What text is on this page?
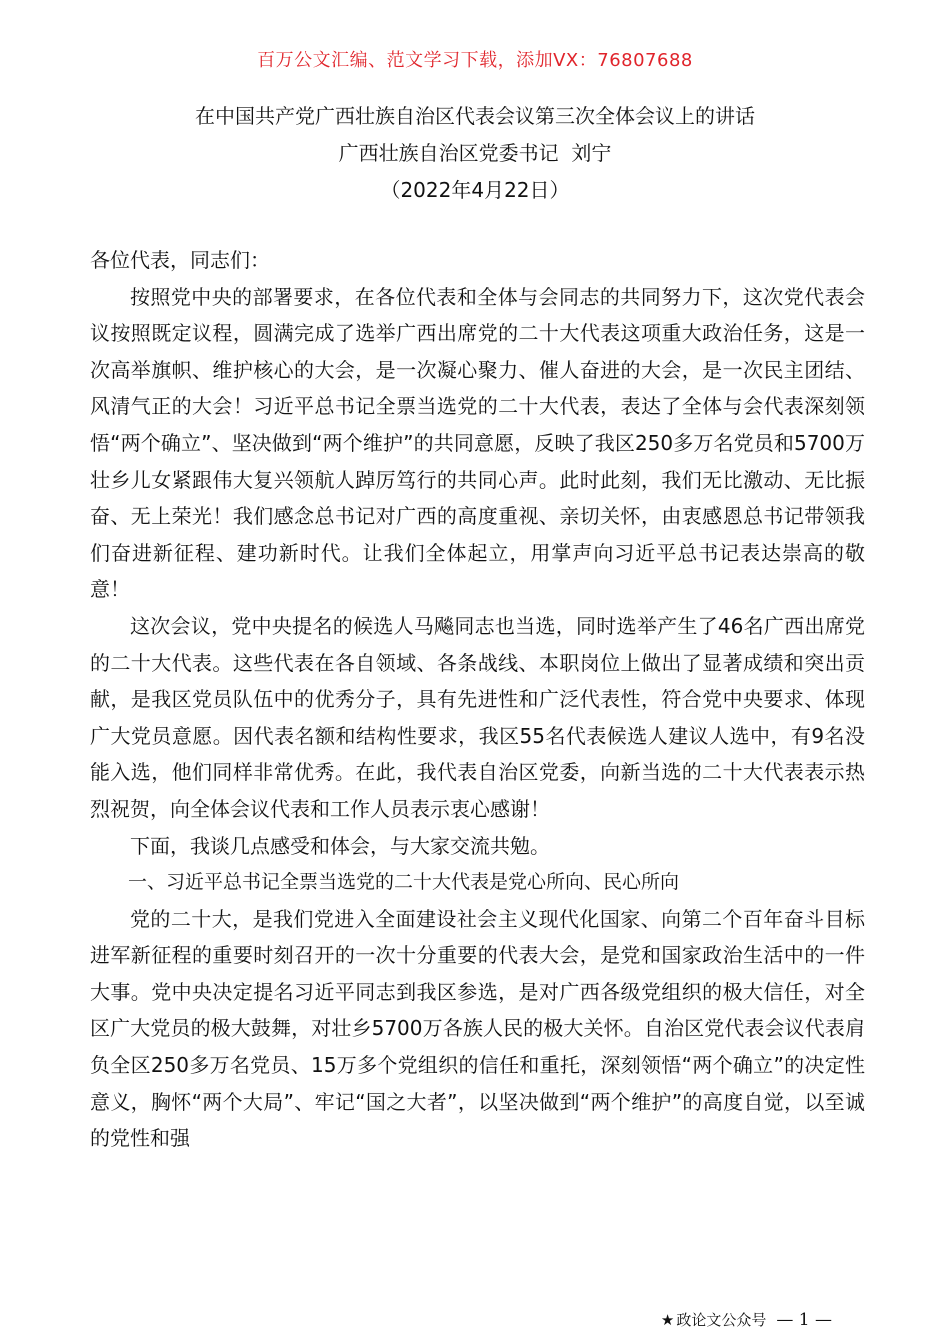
百万公文汇编、范文学习下载，添加VX：76807688
在中国共产党广西壮族自治区代表会议第三次全体会议上的讲话
广西壮族自治区党委书记  刘宁
（2022年4月22日）

各位代表，同志们：

按照党中央的部署要求，在各位代表和全体与会同志的共同努力下，这次党代表会议按照既定议程，圆满完成了选举广西出席党的二十大代表这项重大政治任务，这是一次高举旗帜、维护核心的大会，是一次凝心聚力、催人奋进的大会，是一次民主团结、风清气正的大会！习近平总书记全票当选党的二十大代表，表达了全体与会代表深刻领悟“两个确立”、坚决做到“两个维护”的共同意愿，反映了我区250多万名党员和5700万壮乡儿女紧跟伟大复兴领航人踔厉笃行的共同心声。此时此刻，我们无比激动、无比振奋、无上荣光！我们感念总书记对广西的高度重视、亲切关怀，由衷感恩总书记带领我们奋进新征程、建功新时代。让我们全体起立，用掌声向习近平总书记表达崇高的敬意！

这次会议，党中央提名的候选人马飚同志也当选，同时选举产生了46名广西出席党的二十大代表。这些代表在各自领域、各条战线、本职岗位上做出了显著成绩和突出贡献，是我区党员队伍中的优秀分子，具有先进性和广泛代表性，符合党中央要求、体现广大党员意愿。因代表名额和结构性要求，我区55名代表候选人建议人选中，有9名没能入选，他们同样非常优秀。在此，我代表自治区党委，向新当选的二十大代表表示热烈祝贺，向全体会议代表和工作人员表示衷心感谢！

下面，我谈几点感受和体会，与大家交流共勉。

一、习近平总书记全票当选党的二十大代表是党心所向、民心所向

党的二十大，是我们党进入全面建设社会主义现代化国家、向第二个百年奋斗目标进军新征程的重要时刻召开的一次十分重要的代表大会，是党和国家政治生活中的一件大事。党中央决定提名习近平同志到我区参选，是对广西各级党组织的极大信任，对全区广大党员的极大鼓舞，对壮乡5700万各族人民的极大关怀。自治区党代表会议代表肩负全区250多万名党员、15万多个党组织的信任和重托，深刻领悟“两个确立”的决定性意义，胸怀“两个大局”、牢记“国之大者”，以坚决做到“两个维护”的高度自觉，以至诚的党性和强

★ 政论文公众号 — 1 —
